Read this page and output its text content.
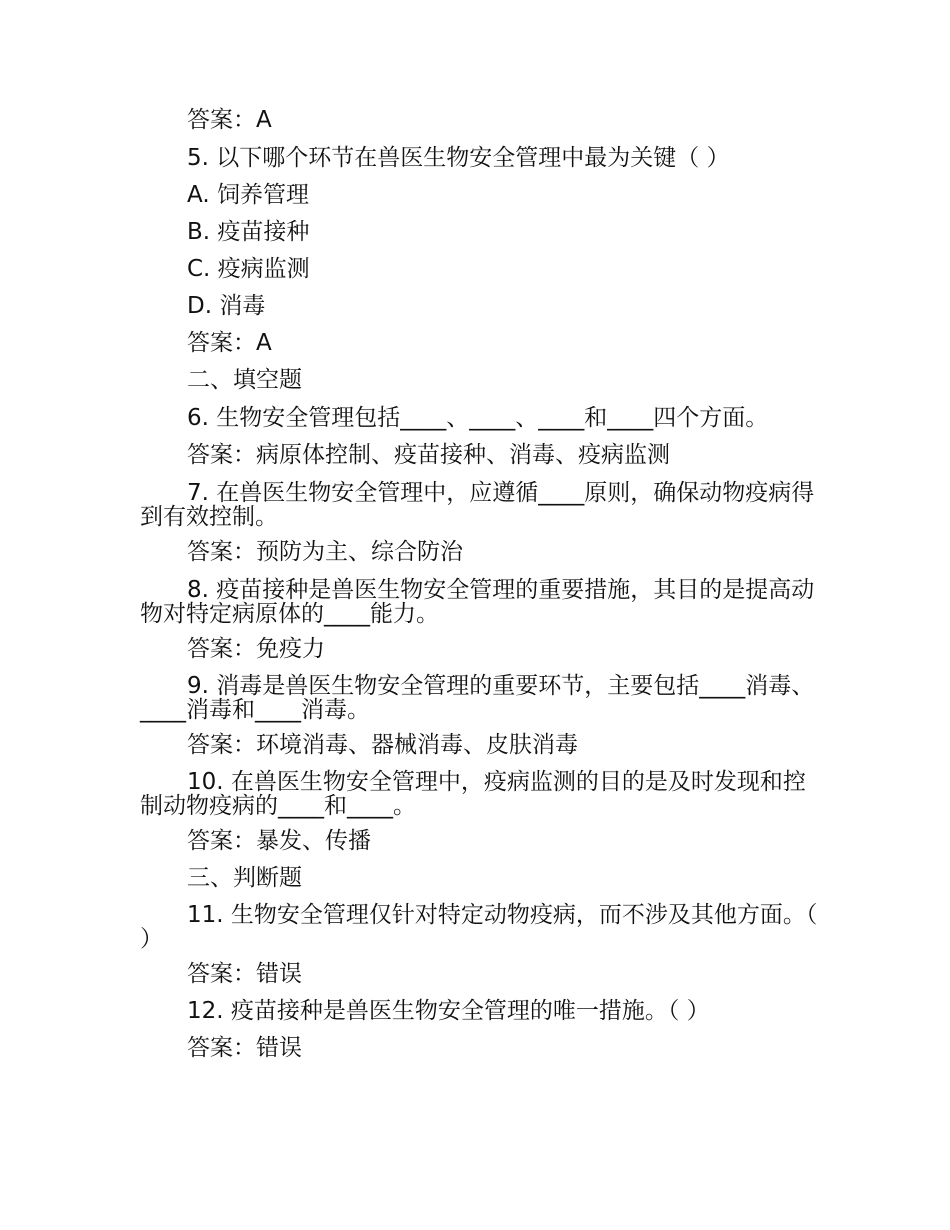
答案：A
5. 以下哪个环节在兽医生物安全管理中最为关键（ ）
A. 饲养管理
B. 疫苗接种
C. 疫病监测
D. 消毒
答案：A
二、填空题
6. 生物安全管理包括____、____、____和____四个方面。
答案：病原体控制、疫苗接种、消毒、疫病监测
7. 在兽医生物安全管理中，应遵循____原则，确保动物疫病得到有效控制。
答案：预防为主、综合防治
8. 疫苗接种是兽医生物安全管理的重要措施，其目的是提高动物对特定病原体的____能力。
答案：免疫力
9. 消毒是兽医生物安全管理的重要环节，主要包括____消毒、____消毒和____消毒。
答案：环境消毒、器械消毒、皮肤消毒
10. 在兽医生物安全管理中，疫病监测的目的是及时发现和控制动物疫病的____和____。
答案：暴发、传播
三、判断题
11. 生物安全管理仅针对特定动物疫病，而不涉及其他方面。（ ）
答案：错误
12. 疫苗接种是兽医生物安全管理的唯一措施。（ ）
答案：错误
